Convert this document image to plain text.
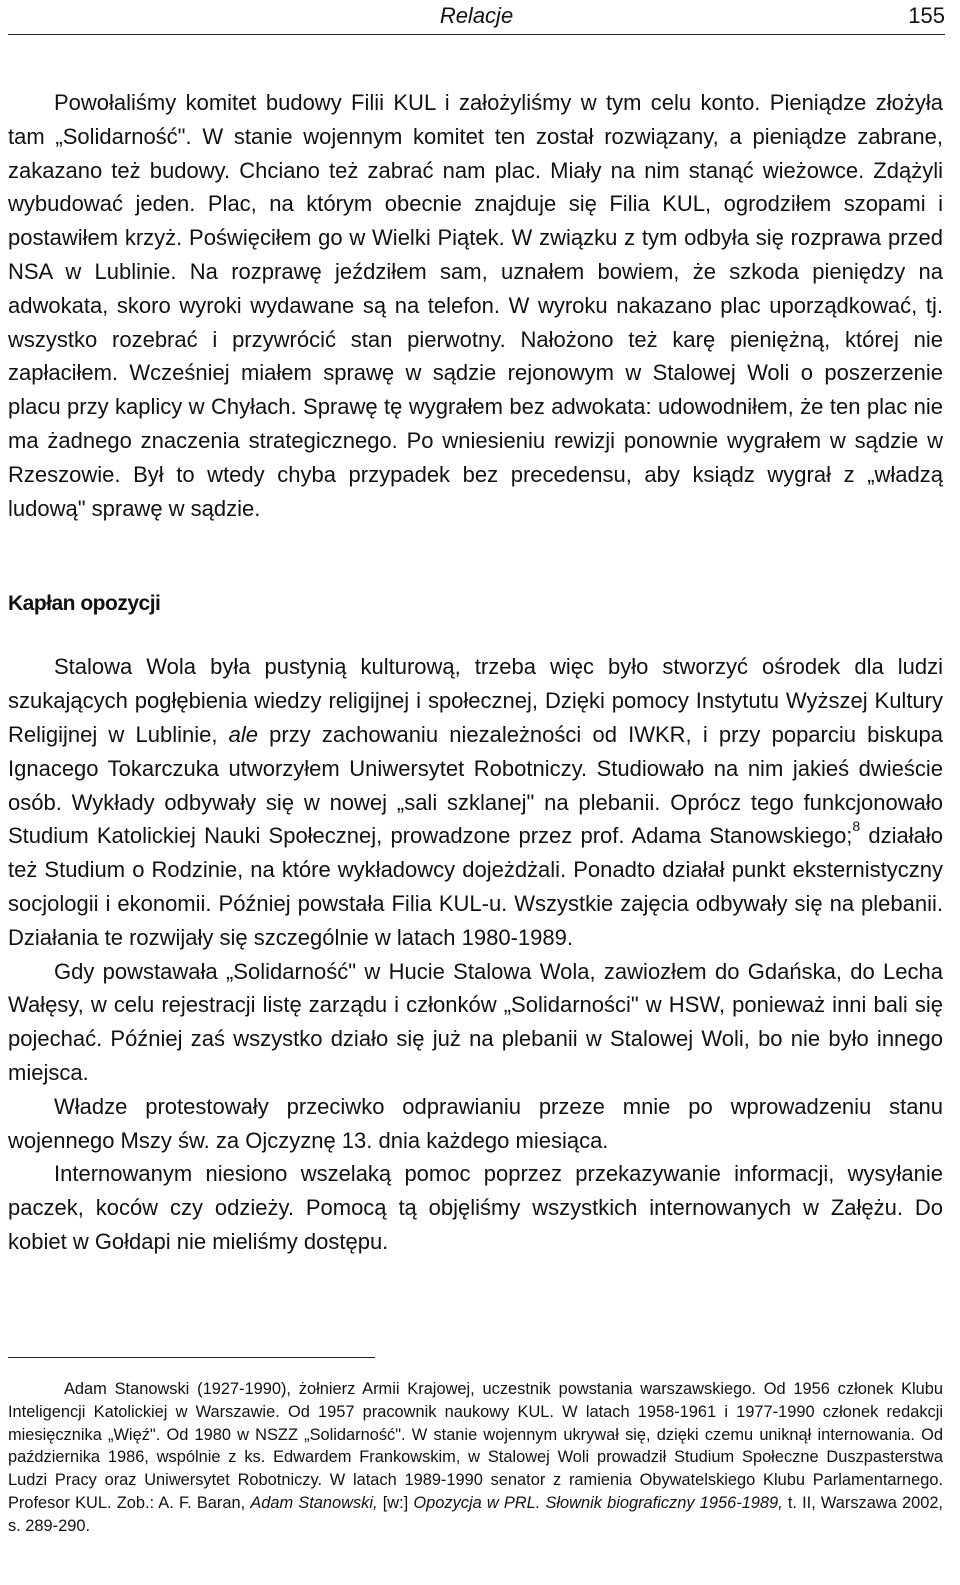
Relacje	155

Powołaliśmy komitet budowy Filii KUL i założyliśmy w tym celu konto. Pieniądze złożyła tam „Solidarność". W stanie wojennym komitet ten został rozwiązany, a pieniądze zabrane, zakazano też budowy. Chciano też zabrać nam plac. Miały na nim stanąć wieżowce. Zdążyli wybudować jeden. Plac, na którym obecnie znajduje się Filia KUL, ogrodziłem szopami i postawiłem krzyż. Poświęciłem go w Wielki Piątek. W związku z tym odbyła się rozprawa przed NSA w Lublinie. Na rozprawę jeździłem sam, uznałem bowiem, że szkoda pieniędzy na adwokata, skoro wyroki wydawane są na telefon. W wyroku nakazano plac uporządkować, tj. wszystko rozebrać i przywrócić stan pierwotny. Nałożono też karę pieniężną, której nie zapłaciłem. Wcześniej miałem sprawę w sądzie rejonowym w Stalowej Woli o poszerzenie placu przy kaplicy w Chyłach. Sprawę tę wygrałem bez adwokata: udowodniłem, że ten plac nie ma żadnego znaczenia strategicznego. Po wniesieniu rewizji ponownie wygrałem w sądzie w Rzeszowie. Był to wtedy chyba przypadek bez precedensu, aby ksiądz wygrał z „władzą ludową" sprawę w sądzie.

Kapłan opozycji

Stalowa Wola była pustynią kulturową, trzeba więc było stworzyć ośrodek dla ludzi szukających pogłębienia wiedzy religijnej i społecznej, Dzięki pomocy Instytutu Wyższej Kultury Religijnej w Lublinie, ale przy zachowaniu niezależności od IWKR, i przy poparciu biskupa Ignacego Tokarczuka utworzyłem Uniwersytet Robotniczy. Studiowało na nim jakieś dwieście osób. Wykłady odbywały się w nowej „sali szklanej" na plebanii. Oprócz tego funkcjonowało Studium Katolickiej Nauki Społecznej, prowadzone przez prof. Adama Stanowskiego;$^8$ działało też Studium o Rodzinie, na które wykładowcy dojeżdżali. Ponadto działał punkt eksternistyczny socjologii i ekonomii. Później powstała Filia KUL-u. Wszystkie zajęcia odbywały się na plebanii. Działania te rozwijały się szczególnie w latach 1980-1989.

Gdy powstawała „Solidarność" w Hucie Stalowa Wola, zawiozłem do Gdańska, do Lecha Wałęsy, w celu rejestracji listę zarządu i członków „Solidarności" w HSW, ponieważ inni bali się pojechać. Później zaś wszystko działo się już na plebanii w Stalowej Woli, bo nie było innego miejsca.

Władze protestowały przeciwko odprawianiu przeze mnie po wprowadzeniu stanu wojennego Mszy św. za Ojczyznę 13. dnia każdego miesiąca.

Internowanym niesiono wszelaką pomoc poprzez przekazywanie informacji, wysyłanie paczek, koców czy odzieży. Pomocą tą objęliśmy wszystkich internowanych w Załężu. Do kobiet w Gołdapi nie mieliśmy dostępu.

Adam Stanowski (1927-1990), żołnierz Armii Krajowej, uczestnik powstania warszawskiego. Od 1956 członek Klubu Inteligencji Katolickiej w Warszawie. Od 1957 pracownik naukowy KUL. W latach 1958-1961 i 1977-1990 członek redakcji miesięcznika „Więź". Od 1980 w NSZZ „Solidarność". W stanie wojennym ukrywał się, dzięki czemu uniknął internowania. Od października 1986, wspólnie z ks. Edwardem Frankowskim, w Stalowej Woli prowadził Studium Społeczne Duszpasterstwa Ludzi Pracy oraz Uniwersytet Robotniczy. W latach 1989-1990 senator z ramienia Obywatelskiego Klubu Parlamentarnego. Profesor KUL. Zob.: A. F. Baran, Adam Stanowski, [w:] Opozycja w PRL. Słownik biograficzny 1956-1989, t. II, Warszawa 2002, s. 289-290.
